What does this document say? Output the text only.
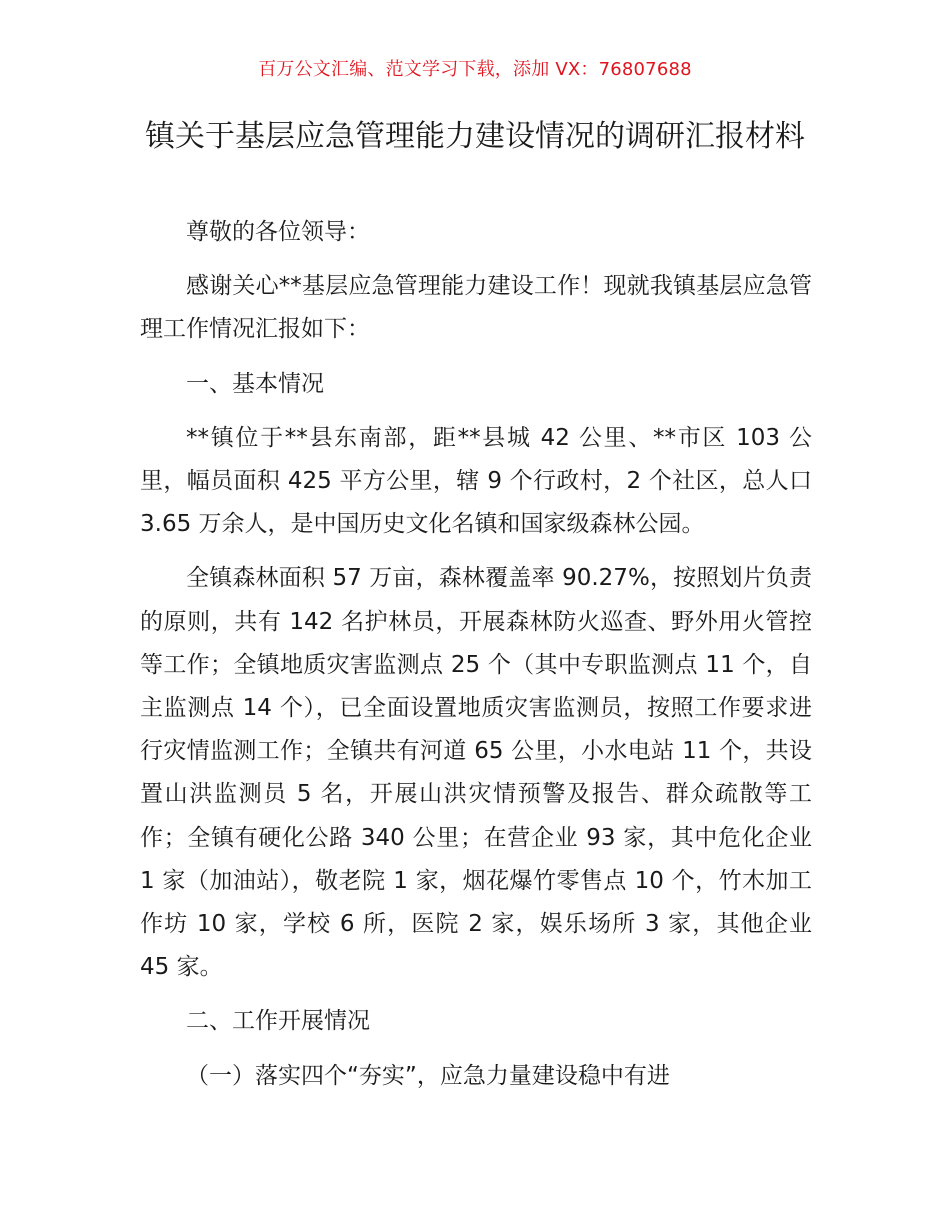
百万公文汇编、范文学习下载，添加 VX：76807688
镇关于基层应急管理能力建设情况的调研汇报材料

尊敬的各位领导：

感谢关心**基层应急管理能力建设工作！现就我镇基层应急管理工作情况汇报如下：

一、基本情况

**镇位于**县东南部，距**县城 42 公里、**市区 103 公里，幅员面积 425 平方公里，辖 9 个行政村，2 个社区，总人口 3.65 万余人，是中国历史文化名镇和国家级森林公园。

全镇森林面积 57 万亩，森林覆盖率 90.27%，按照划片负责的原则，共有 142 名护林员，开展森林防火巡查、野外用火管控等工作；全镇地质灾害监测点 25 个（其中专职监测点 11 个，自主监测点 14 个），已全面设置地质灾害监测员，按照工作要求进行灾情监测工作；全镇共有河道 65 公里，小水电站 11 个，共设置山洪监测员 5 名，开展山洪灾情预警及报告、群众疏散等工作；全镇有硬化公路 340 公里；在营企业 93 家，其中危化企业 1 家（加油站），敬老院 1 家，烟花爆竹零售点 10 个，竹木加工作坊 10 家，学校 6 所，医院 2 家，娱乐场所 3 家，其他企业 45 家。

二、工作开展情况

（一）落实四个“夯实”，应急力量建设稳中有进
